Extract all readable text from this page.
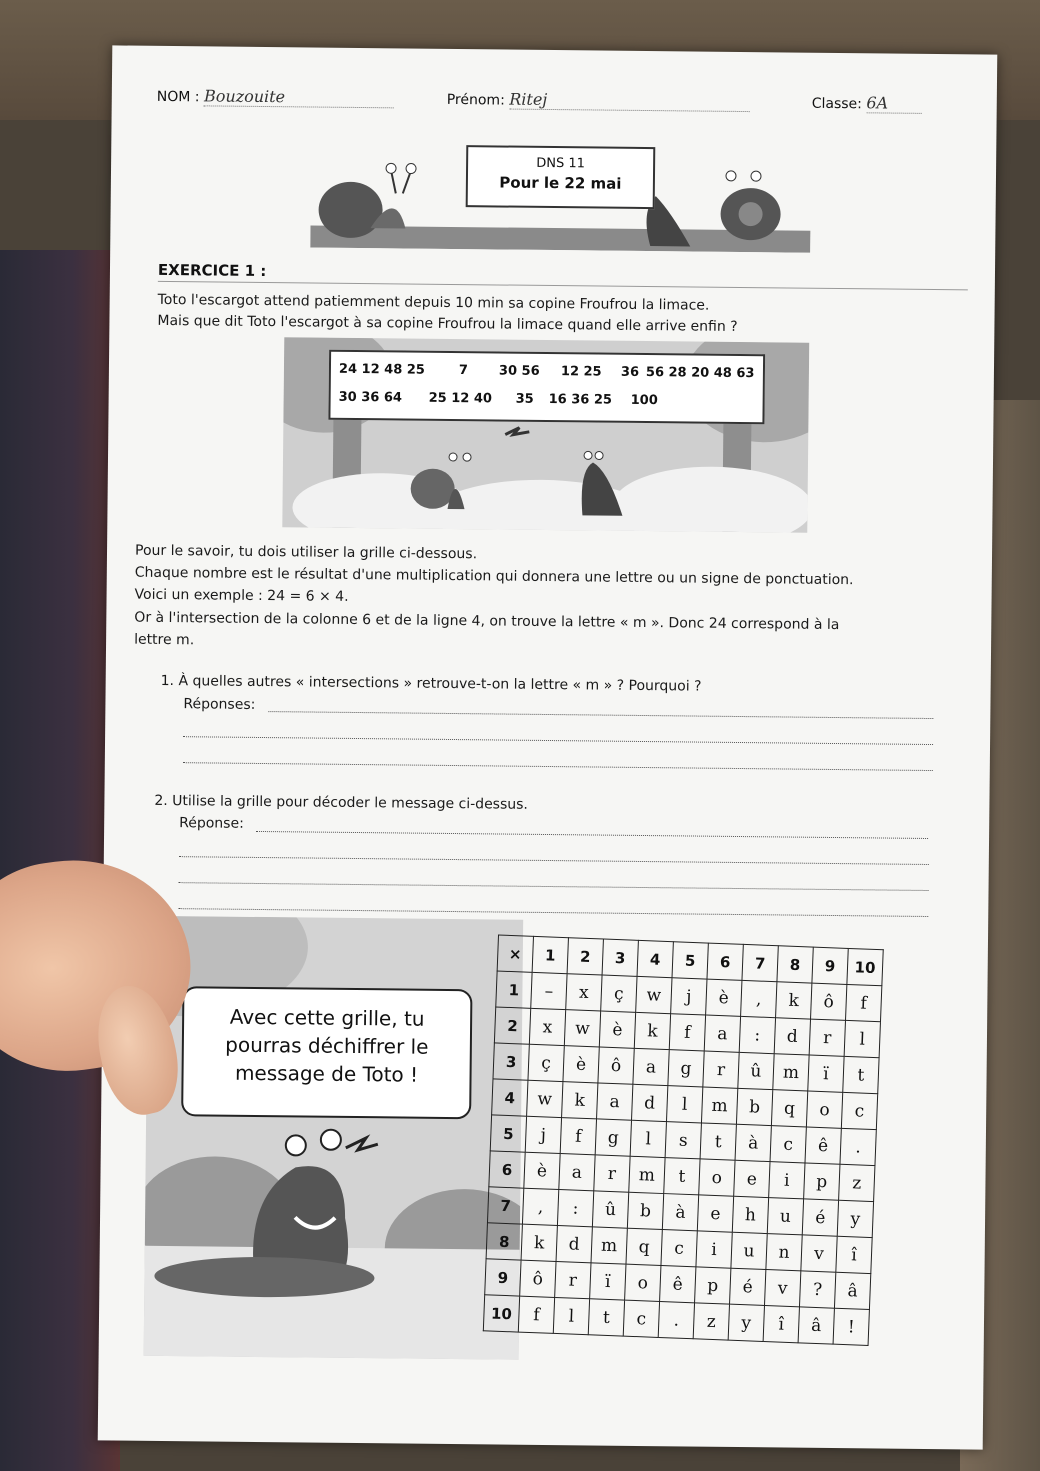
NOM : Bouzouite	Prénom: Ritej	Classe: 6A
DNS 11
Pour le 22 mai
EXERCICE 1 :
Toto l'escargot attend patiemment depuis 10 min sa copine Froufrou la limace.
Mais que dit Toto l'escargot à sa copine Froufrou la limace quand elle arrive enfin ?
24 12 48 25	7 30 56 12 25 36 56 28 20 48 63
30 36 64 25 12 40 35 16 36 25 100
Pour le savoir, tu dois utiliser la grille ci-dessous.
Chaque nombre est le résultat d'une multiplication qui donnera une lettre ou un signe de ponctuation.
Voici un exemple : 24 = 6 × 4.
Or à l'intersection de la colonne 6 et de la ligne 4, on trouve la lettre « m ». Donc 24 correspond à la
lettre m.
1. À quelles autres « intersections » retrouve-t-on la lettre « m » ? Pourquoi ?
Réponses:
2. Utilise la grille pour décoder le message ci-dessus.
Réponse:
Avec cette grille, tu
pourras déchiffrer le
message de Toto !
×	1	2	3	4	5	6	7	8	9	10
1	–	x	ç	w	j	è	,	k	ô	f
2	x	w	è	k	f	a	:	d	r	l
3	ç	è	ô	a	g	r	û	m	ï	t
4	w	k	a	d	l	m	b	q	o	c
5	j	f	g	l	s	t	à	c	ê	.
6	è	a	r	m	t	o	e	i	p	z
7	,	:	û	b	à	e	h	u	é	y
8	k	d	m	q	c	i	u	n	v	î
9	ô	r	ï	o	ê	p	é	v	?	â
10	f	l	t	c	.	z	y	î	â	!
